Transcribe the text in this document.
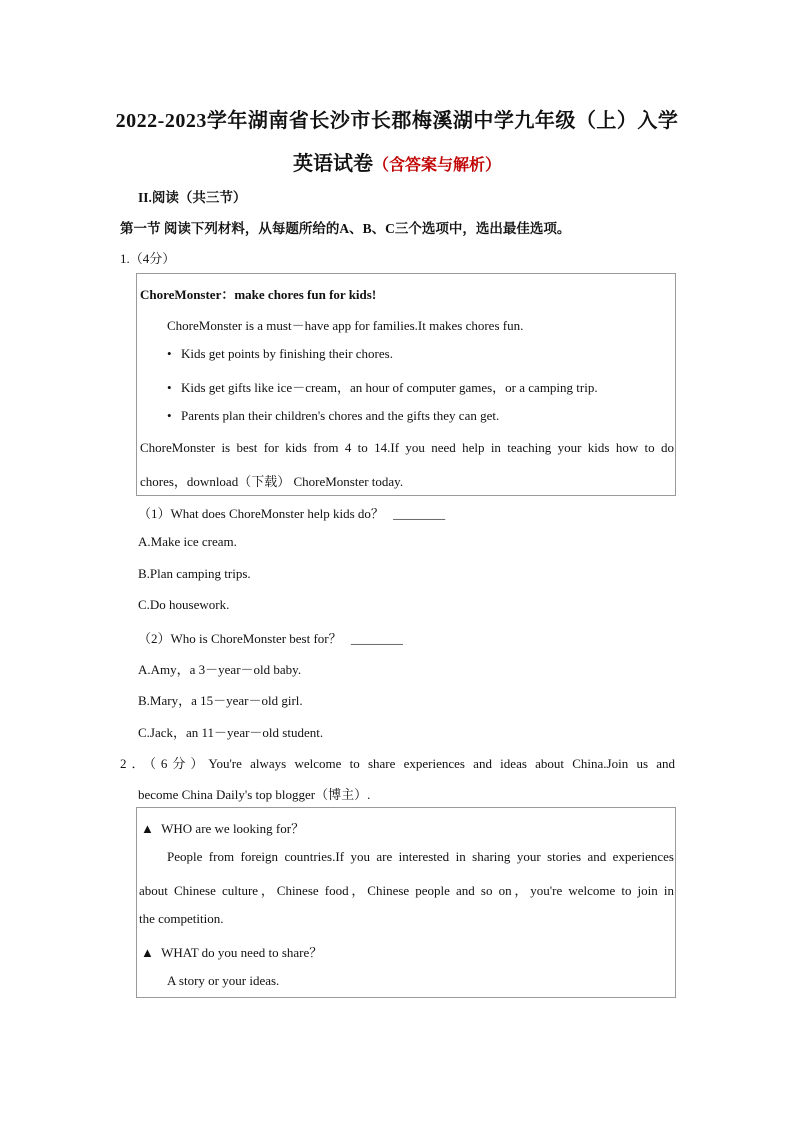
2022-2023学年湖南省长沙市长郡梅溪湖中学九年级（上）入学
英语试卷（含答案与解析）
II.阅读（共三节）
第一节 阅读下列材料，从每题所给的A、B、C三个选项中，选出最佳选项。
1.（4分）
ChoreMonster：make chores fun for kids!
ChoreMonster is a must－have app for families.It makes chores fun.
• Kids get points by finishing their chores.
• Kids get gifts like ice－cream，an hour of computer games，or a camping trip.
• Parents plan their children's chores and the gifts they can get.
ChoreMonster is best for kids from 4 to 14.If you need help in teaching your kids how to do
chores，download（下载） ChoreMonster today.
（1）What does ChoreMonster help kids do？ ________
A.Make ice cream.
B.Plan camping trips.
C.Do housework.
（2）Who is ChoreMonster best for？ ________
A.Amy，a 3－year－old baby.
B.Mary，a 15－year－old girl.
C.Jack，an 11－year－old student.
2．（6分）You're always welcome to share experiences and ideas about China.Join us and
become China Daily's top blogger（博主）.
▲ WHO are we looking for？
People from foreign countries.If you are interested in sharing your stories and experiences
about Chinese culture，Chinese food，Chinese people and so on，you're welcome to join in
the competition.
▲ WHAT do you need to share？
A story or your ideas.
